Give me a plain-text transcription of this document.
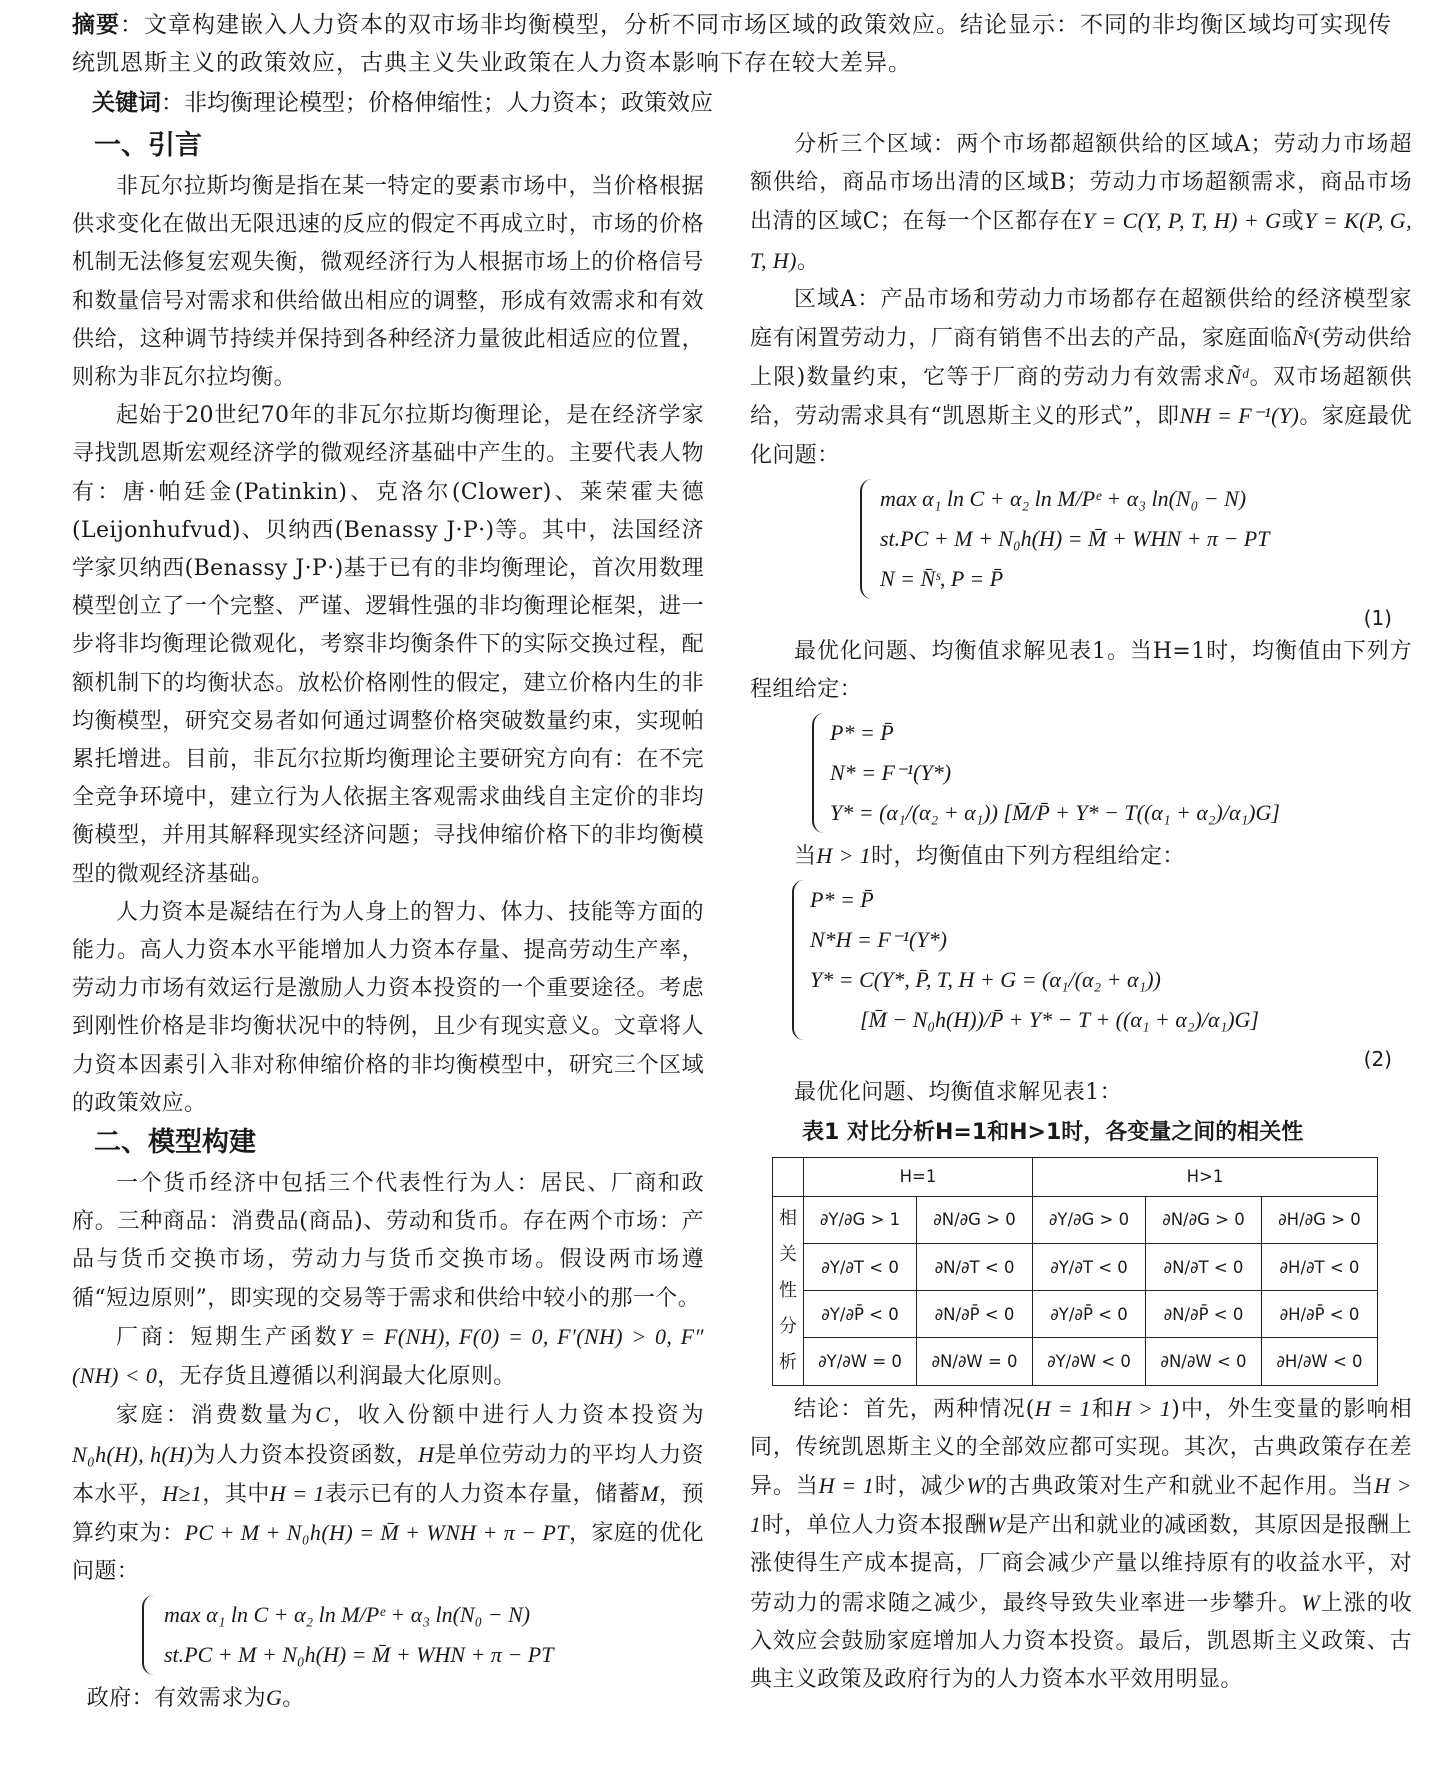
摘要：文章构建嵌入人力资本的双市场非均衡模型，分析不同市场区域的政策效应。结论显示：不同的非均衡区域均可实现传统凯恩斯主义的政策效应，古典主义失业政策在人力资本影响下存在较大差异。
关键词：非均衡理论模型；价格伸缩性；人力资本；政策效应
一、引言

非瓦尔拉斯均衡是指在某一特定的要素市场中，当价格根据供求变化在做出无限迅速的反应的假定不再成立时，市场的价格机制无法修复宏观失衡，微观经济行为人根据市场上的价格信号和数量信号对需求和供给做出相应的调整，形成有效需求和有效供给，这种调节持续并保持到各种经济力量彼此相适应的位置，则称为非瓦尔拉均衡。

起始于20世纪70年的非瓦尔拉斯均衡理论，是在经济学家寻找凯恩斯宏观经济学的微观经济基础中产生的。主要代表人物有：唐·帕廷金(Patinkin)、克洛尔(Clower)、莱荣霍夫德(Leijonhufvud)、贝纳西(Benassy J·P·)等。其中，法国经济学家贝纳西(Benassy J·P·)基于已有的非均衡理论，首次用数理模型创立了一个完整、严谨、逻辑性强的非均衡理论框架，进一步将非均衡理论微观化，考察非均衡条件下的实际交换过程，配额机制下的均衡状态。放松价格刚性的假定，建立价格内生的非均衡模型，研究交易者如何通过调整价格突破数量约束，实现帕累托增进。目前，非瓦尔拉斯均衡理论主要研究方向有：在不完全竞争环境中，建立行为人依据主客观需求曲线自主定价的非均衡模型，并用其解释现实经济问题；寻找伸缩价格下的非均衡模型的微观经济基础。

人力资本是凝结在行为人身上的智力、体力、技能等方面的能力。高人力资本水平能增加人力资本存量、提高劳动生产率，劳动力市场有效运行是激励人力资本投资的一个重要途径。考虑到刚性价格是非均衡状况中的特例，且少有现实意义。文章将人力资本因素引入非对称伸缩价格的非均衡模型中，研究三个区域的政策效应。

二、模型构建

一个货币经济中包括三个代表性行为人：居民、厂商和政府。三种商品：消费品(商品)、劳动和货币。存在两个市场：产品与货币交换市场，劳动力与货币交换市场。假设两市场遵循“短边原则”，即实现的交易等于需求和供给中较小的那一个。

厂商：短期生产函数Y = F(NH), F(0) = 0, F′(NH) > 0, F″(NH) < 0，无存货且遵循以利润最大化原则。

家庭：消费数量为C，收入份额中进行人力资本投资为N₀h(H), h(H)为人力资本投资函数，H是单位劳动力的平均人力资本水平，H≥1，其中H = 1表示已有的人力资本存量，储蓄M，预算约束为：PC + M + N₀h(H) = M̄ + WNH + π − PT，家庭的优化问题：

max α₁ ln C + α₂ ln M/Pᵉ + α₃ ln(N₀ − N)
st.PC + M + N₀h(H) = M̄ + WHN + π − PT

政府：有效需求为G。

分析三个区域：两个市场都超额供给的区域A；劳动力市场超额供给，商品市场出清的区域B；劳动力市场超额需求，商品市场出清的区域C；在每一个区都存在Y = C(Y, P, T, H) + G或Y = K(P, G, T, H)。

区域A：产品市场和劳动力市场都存在超额供给的经济模型家庭有闲置劳动力，厂商有销售不出去的产品，家庭面临Ñˢ(劳动供给上限)数量约束，它等于厂商的劳动力有效需求Ñᵈ。双市场超额供给，劳动需求具有“凯恩斯主义的形式”，即NH = F⁻¹(Y)。家庭最优化问题：

max α₁ ln C + α₂ ln M/Pᵉ + α₃ ln(N₀ − N)
st.PC + M + N₀h(H) = M̄ + WHN + π − PT
N = N̄ˢ, P = P̄
(1)

最优化问题、均衡值求解见表1。当H=1时，均衡值由下列方程组给定：

P* = P̄
N* = F⁻¹(Y*)
Y* = (α₁/(α₂ + α₁)) [M̄/P̄ + Y* − T((α₁ + α₂)/α₁)G]

当H > 1时，均衡值由下列方程组给定：

P* = P̄
N*H = F⁻¹(Y*)
Y* = C(Y*, P̄, T, H + G = (α₁/(α₂ + α₁))
[M̄ − N₀h(H))/P̄ + Y* − T + ((α₁ + α₂)/α₁)G]
(2)

最优化问题、均衡值求解见表1：

表1 对比分析H=1和H>1时，各变量之间的相关性
	H=1		H>1		
相关性分析	∂Y/∂G > 1	∂N/∂G > 0	∂Y/∂G > 0	∂N/∂G > 0	∂H/∂G > 0
	∂Y/∂T < 0	∂N/∂T < 0	∂Y/∂T < 0	∂N/∂T < 0	∂H/∂T < 0
	∂Y/∂P̄ < 0	∂N/∂P̄ < 0	∂Y/∂P̄ < 0	∂N/∂P̄ < 0	∂H/∂P̄ < 0
	∂Y/∂W = 0	∂N/∂W = 0	∂Y/∂W < 0	∂N/∂W < 0	∂H/∂W < 0

结论：首先，两种情况(H = 1和H > 1)中，外生变量的影响相同，传统凯恩斯主义的全部效应都可实现。其次，古典政策存在差异。当H = 1时，减少W的古典政策对生产和就业不起作用。当H > 1时，单位人力资本报酬W是产出和就业的减函数，其原因是报酬上涨使得生产成本提高，厂商会减少产量以维持原有的收益水平，对劳动力的需求随之减少，最终导致失业率进一步攀升。W上涨的收入效应会鼓励家庭增加人力资本投资。最后，凯恩斯主义政策、古典主义政策及政府行为的人力资本水平效用明显。
